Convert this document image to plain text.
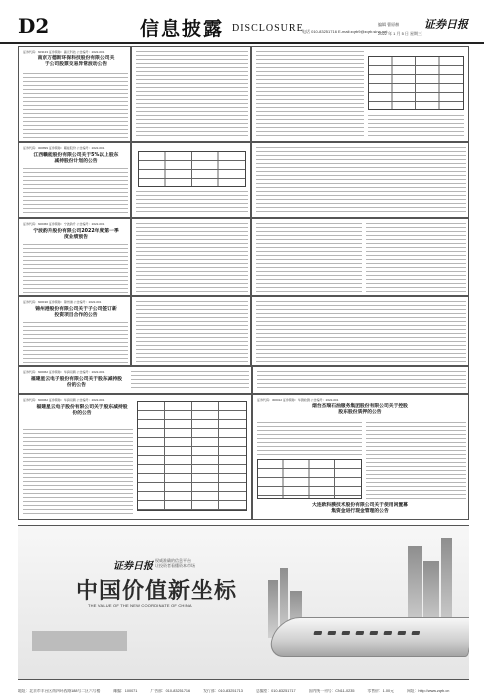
D2	信息披露 DISCLOSURE	编辑 曹原赫
2022 年 1 月 5 日 星期三
电话 010-83251716 E-mail:zqrb9@zqrb.sina.net
证券日报
证券代码：603133 证券简称：碳元科技 公告编号：2022-001
南京万德斯环保科技股份有限公司关于公司股票交易异常波动公告
证券代码：000899 证券简称：赣能股份 公告编号：2022-001
江西赣能股份有限公司关于5%以上股东减持股份计划的公告
证券代码：600366 证券简称：宁波韵升 公告编号：2022-001
宁波韵升股份有限公司2022年度第一季度业绩预告
证券代码：600190 证券简称：锦州港 公告编号：2022-001
锦州港股份有限公司关于子公司签订新投资项目合作的公告
证券代码：600062 证券简称：华润双鹤 公告编号：2022-001
福建星云电子股份有限公司关于股东减持股份的公告
证券代码：600062 证券简称：华润双鹤 公告编号：2022-001
福建星云电子股份有限公司关于股东减持股份的公告
证券代码：300012 证券简称：华测检测 公告编号：2022-001
烟台杰瑞石油服务集团股份有限公司关于控股股东股份质押的公告
大连欧科膜技术股份有限公司关于使用闲置募集资金进行现金管理的公告
证券日报
权威准确的信息平台
让投资者看懂资本市场
中国价值新坐标
THE VALUE OF THE NEW COORDINATE OF CHINA
地址：北京市丰台区南四环西路188号二区六号楼	邮编：100071	广告部：010-83251716	发行部：010-83251713	总编室：010-83251717	国内统一刊号：CN11-0235	零售价：1.00元	网址：http://www.zqrb.cn
